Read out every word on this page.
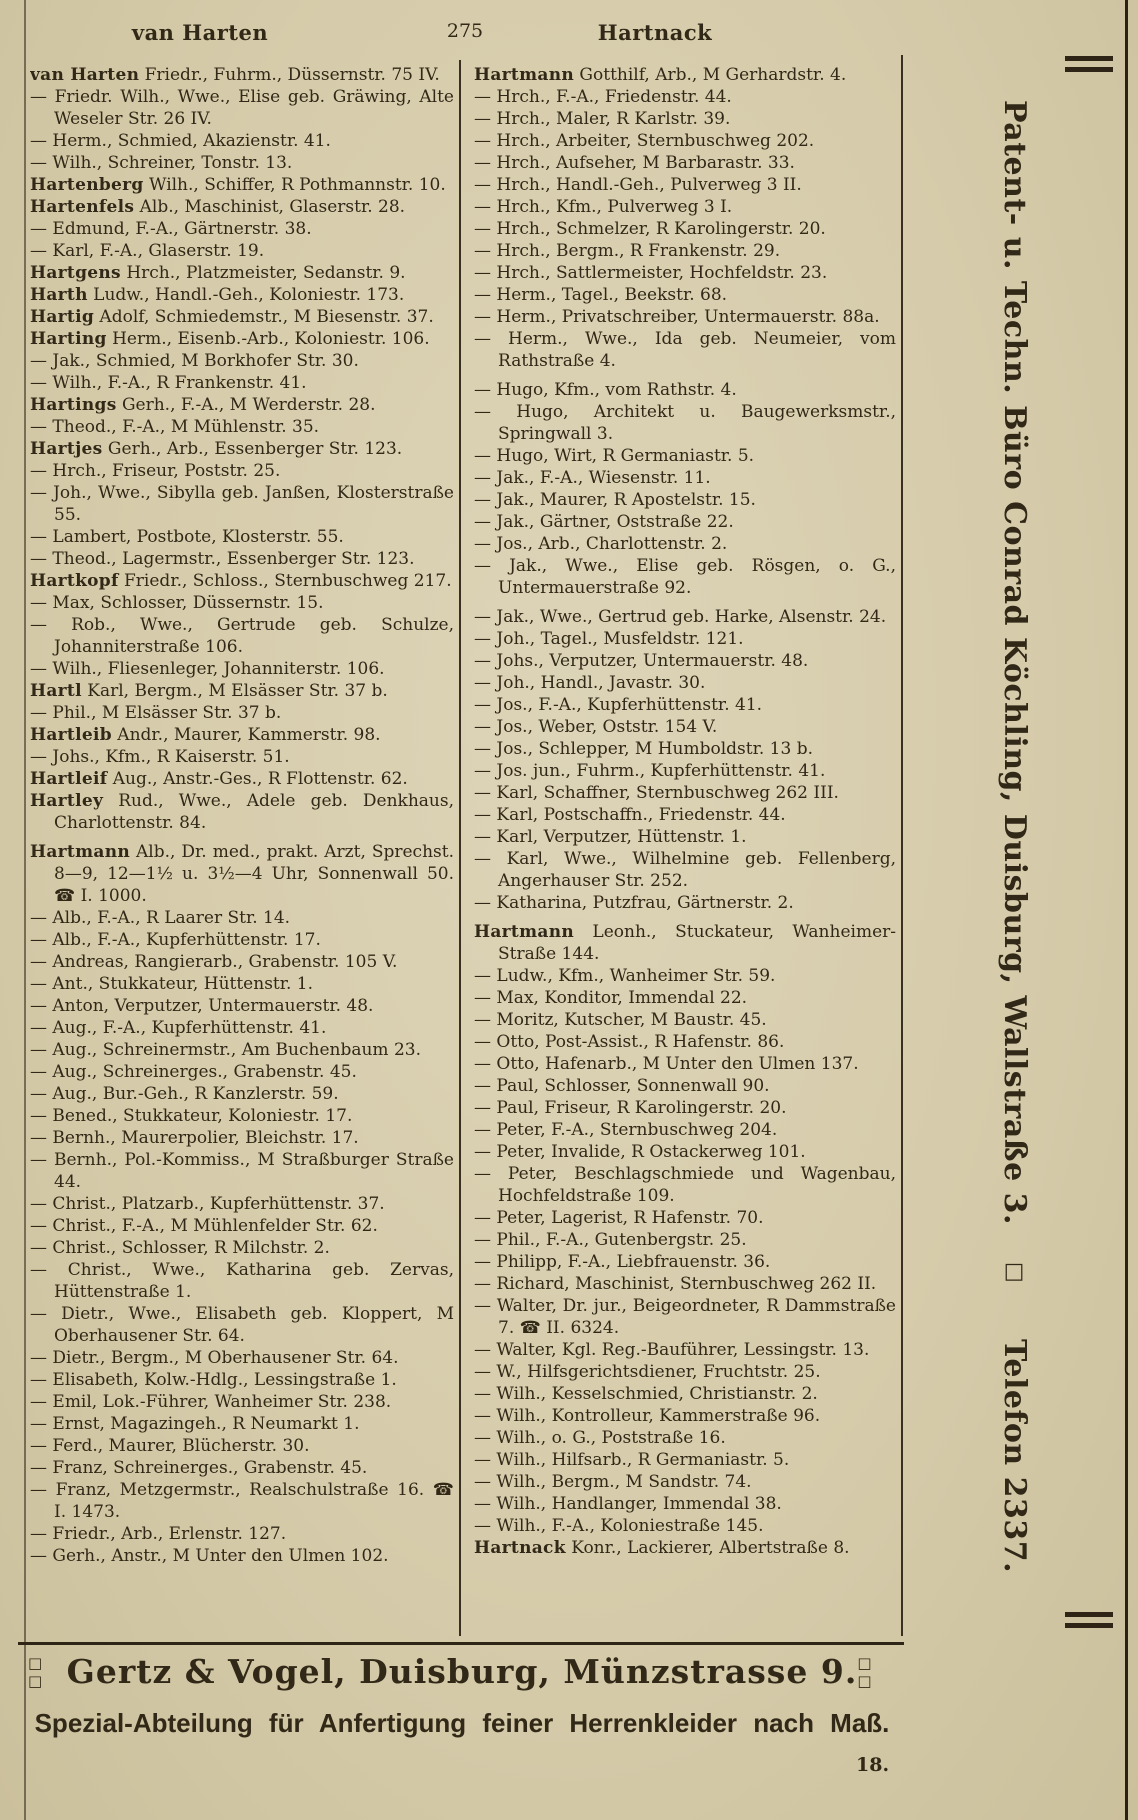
van Harten	275	Hartnack
van Harten Friedr., Fuhrm., Düssernstr. 75 IV.
— Friedr. Wilh., Wwe., Elise geb. Gräwing, Alte Weseler Str. 26 IV.
— Herm., Schmied, Akazienstr. 41.
— Wilh., Schreiner, Tonstr. 13.
Hartenberg Wilh., Schiffer, R Pothmannstr. 10.
Hartenfels Alb., Maschinist, Glaserstr. 28.
— Edmund, F.-A., Gärtnerstr. 38.
— Karl, F.-A., Glaserstr. 19.
Hartgens Hrch., Platzmeister, Sedanstr. 9.
Harth Ludw., Handl.-Geh., Koloniestr. 173.
Hartig Adolf, Schmiedemstr., M Biesenstr. 37.
Harting Herm., Eisenb.-Arb., Koloniestr. 106.
— Jak., Schmied, M Borkhofer Str. 30.
— Wilh., F.-A., R Frankenstr. 41.
Hartings Gerh., F.-A., M Werderstr. 28.
— Theod., F.-A., M Mühlenstr. 35.
Hartjes Gerh., Arb., Essenberger Str. 123.
— Hrch., Friseur, Poststr. 25.
— Joh., Wwe., Sibylla geb. Janßen, Klosterstraße 55.
— Lambert, Postbote, Klosterstr. 55.
— Theod., Lagermstr., Essenberger Str. 123.
Hartkopf Friedr., Schloss., Sternbuschweg 217.
— Max, Schlosser, Düssernstr. 15.
— Rob., Wwe., Gertrude geb. Schulze, Johanniterstraße 106.
— Wilh., Fliesenleger, Johanniterstr. 106.
Hartl Karl, Bergm., M Elsässer Str. 37 b.
— Phil., M Elsässer Str. 37 b.
Hartleib Andr., Maurer, Kammerstr. 98.
— Johs., Kfm., R Kaiserstr. 51.
Hartleif Aug., Anstr.-Ges., R Flottenstr. 62.
Hartley Rud., Wwe., Adele geb. Denkhaus, Charlottenstr. 84.
Hartmann Alb., Dr. med., prakt. Arzt, Sprechst. 8—9, 12—1½ u. 3½—4 Uhr, Sonnenwall 50. ☎ I. 1000.
— Alb., F.-A., R Laarer Str. 14.
— Alb., F.-A., Kupferhüttenstr. 17.
— Andreas, Rangierarb., Grabenstr. 105 V.
— Ant., Stukkateur, Hüttenstr. 1.
— Anton, Verputzer, Untermauerstr. 48.
— Aug., F.-A., Kupferhüttenstr. 41.
— Aug., Schreinermstr., Am Buchenbaum 23.
— Aug., Schreinerges., Grabenstr. 45.
— Aug., Bur.-Geh., R Kanzlerstr. 59.
— Bened., Stukkateur, Koloniestr. 17.
— Bernh., Maurerpolier, Bleichstr. 17.
— Bernh., Pol.-Kommiss., M Straßburger Straße 44.
— Christ., Platzarb., Kupferhüttenstr. 37.
— Christ., F.-A., M Mühlenfelder Str. 62.
— Christ., Schlosser, R Milchstr. 2.
— Christ., Wwe., Katharina geb. Zervas, Hüttenstraße 1.
— Dietr., Wwe., Elisabeth geb. Kloppert, M Oberhausener Str. 64.
— Dietr., Bergm., M Oberhausener Str. 64.
— Elisabeth, Kolw.-Hdlg., Lessingstraße 1.
— Emil, Lok.-Führer, Wanheimer Str. 238.
— Ernst, Magazingeh., R Neumarkt 1.
— Ferd., Maurer, Blücherstr. 30.
— Franz, Schreinerges., Grabenstr. 45.
— Franz, Metzgermstr., Realschulstraße 16. ☎ I. 1473.
— Friedr., Arb., Erlenstr. 127.
— Gerh., Anstr., M Unter den Ulmen 102.
Hartmann Gotthilf, Arb., M Gerhardstr. 4.
— Hrch., F.-A., Friedenstr. 44.
— Hrch., Maler, R Karlstr. 39.
— Hrch., Arbeiter, Sternbuschweg 202.
— Hrch., Aufseher, M Barbarastr. 33.
— Hrch., Handl.-Geh., Pulverweg 3 II.
— Hrch., Kfm., Pulverweg 3 I.
— Hrch., Schmelzer, R Karolingerstr. 20.
— Hrch., Bergm., R Frankenstr. 29.
— Hrch., Sattlermeister, Hochfeldstr. 23.
— Herm., Tagel., Beekstr. 68.
— Herm., Privatschreiber, Untermauerstr. 88a.
— Herm., Wwe., Ida geb. Neumeier, vom Rathstraße 4.
— Hugo, Kfm., vom Rathstr. 4.
— Hugo, Architekt u. Baugewerksmstr., Springwall 3.
— Hugo, Wirt, R Germaniastr. 5.
— Jak., F.-A., Wiesenstr. 11.
— Jak., Maurer, R Apostelstr. 15.
— Jak., Gärtner, Oststraße 22.
— Jos., Arb., Charlottenstr. 2.
— Jak., Wwe., Elise geb. Rösgen, o. G., Untermauerstraße 92.
— Jak., Wwe., Gertrud geb. Harke, Alsenstr. 24.
— Joh., Tagel., Musfeldstr. 121.
— Johs., Verputzer, Untermauerstr. 48.
— Joh., Handl., Javastr. 30.
— Jos., F.-A., Kupferhüttenstr. 41.
— Jos., Weber, Oststr. 154 V.
— Jos., Schlepper, M Humboldstr. 13 b.
— Jos. jun., Fuhrm., Kupferhüttenstr. 41.
— Karl, Schaffner, Sternbuschweg 262 III.
— Karl, Postschaffn., Friedenstr. 44.
— Karl, Verputzer, Hüttenstr. 1.
— Karl, Wwe., Wilhelmine geb. Fellenberg, Angerhauser Str. 252.
— Katharina, Putzfrau, Gärtnerstr. 2.
Hartmann Leonh., Stuckateur, Wanheimer-Straße 144.
— Ludw., Kfm., Wanheimer Str. 59.
— Max, Konditor, Immendal 22.
— Moritz, Kutscher, M Baustr. 45.
— Otto, Post-Assist., R Hafenstr. 86.
— Otto, Hafenarb., M Unter den Ulmen 137.
— Paul, Schlosser, Sonnenwall 90.
— Paul, Friseur, R Karolingerstr. 20.
— Peter, F.-A., Sternbuschweg 204.
— Peter, Invalide, R Ostackerweg 101.
— Peter, Beschlagschmiede und Wagenbau, Hochfeldstraße 109.
— Peter, Lagerist, R Hafenstr. 70.
— Phil., F.-A., Gutenbergstr. 25.
— Philipp, F.-A., Liebfrauenstr. 36.
— Richard, Maschinist, Sternbuschweg 262 II.
— Walter, Dr. jur., Beigeordneter, R Dammstraße 7. ☎ II. 6324.
— Walter, Kgl. Reg.-Bauführer, Lessingstr. 13.
— W., Hilfsgerichtsdiener, Fruchtstr. 25.
— Wilh., Kesselschmied, Christianstr. 2.
— Wilh., Kontrolleur, Kammerstraße 96.
— Wilh., o. G., Poststraße 16.
— Wilh., Hilfsarb., R Germaniastr. 5.
— Wilh., Bergm., M Sandstr. 74.
— Wilh., Handlanger, Immendal 38.
— Wilh., F.-A., Koloniestraße 145.
Hartnack Konr., Lackierer, Albertstraße 8.
Patent- u. Techn. Büro Conrad Köchling, Duisburg, Wallstraße 3. □ Telefon 2337.
□ □ Gertz & Vogel, Duisburg, Münzstrasse 9. □ □
Spezial-Abteilung für Anfertigung feiner Herrenkleider nach Maß.
18.
